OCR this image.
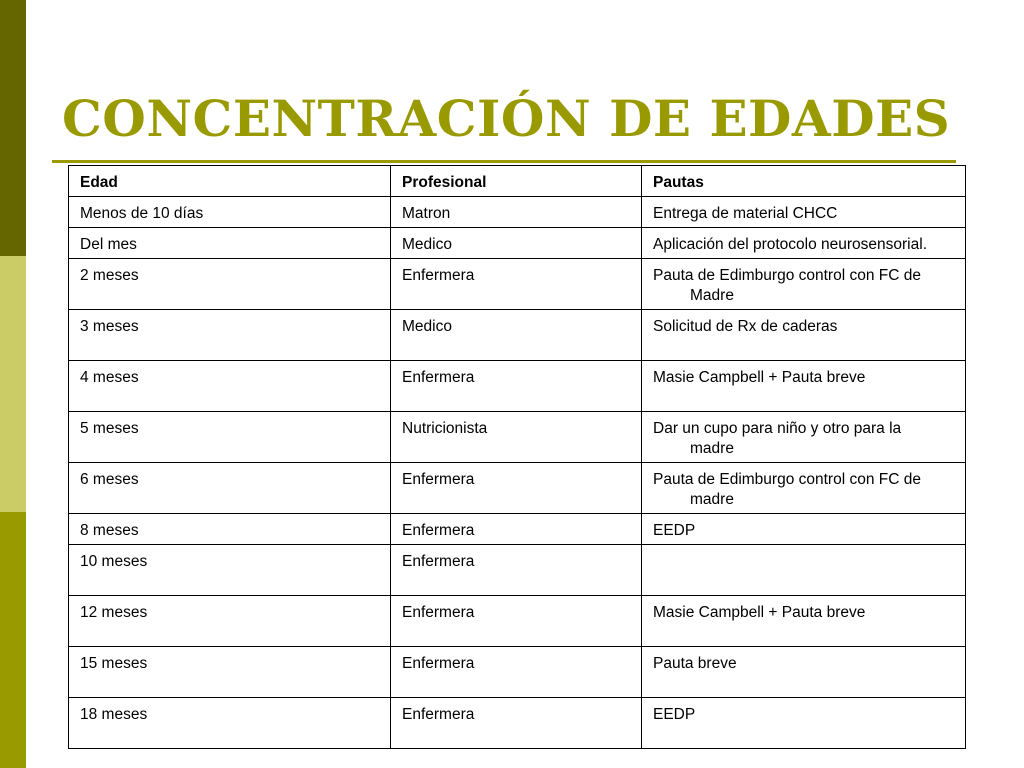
CONCENTRACIÓN DE EDADES
Edad	Profesional	Pautas
Menos de 10 días	Matron	Entrega de material CHCC
Del mes	Medico	Aplicación del protocolo neurosensorial.
2 meses	Enfermera	Pauta de Edimburgo control con FC de
Madre

3 meses	Medico	Solicitud de Rx de caderas
4 meses	Enfermera	Masie Campbell + Pauta breve
5 meses	Nutricionista	Dar un cupo para niño y otro para la
madre

6 meses	Enfermera	Pauta de Edimburgo control con FC de
madre

8 meses	Enfermera	EEDP
10 meses	Enfermera	
12 meses	Enfermera	Masie Campbell + Pauta breve
15 meses	Enfermera	Pauta breve
18 meses	Enfermera	EEDP
